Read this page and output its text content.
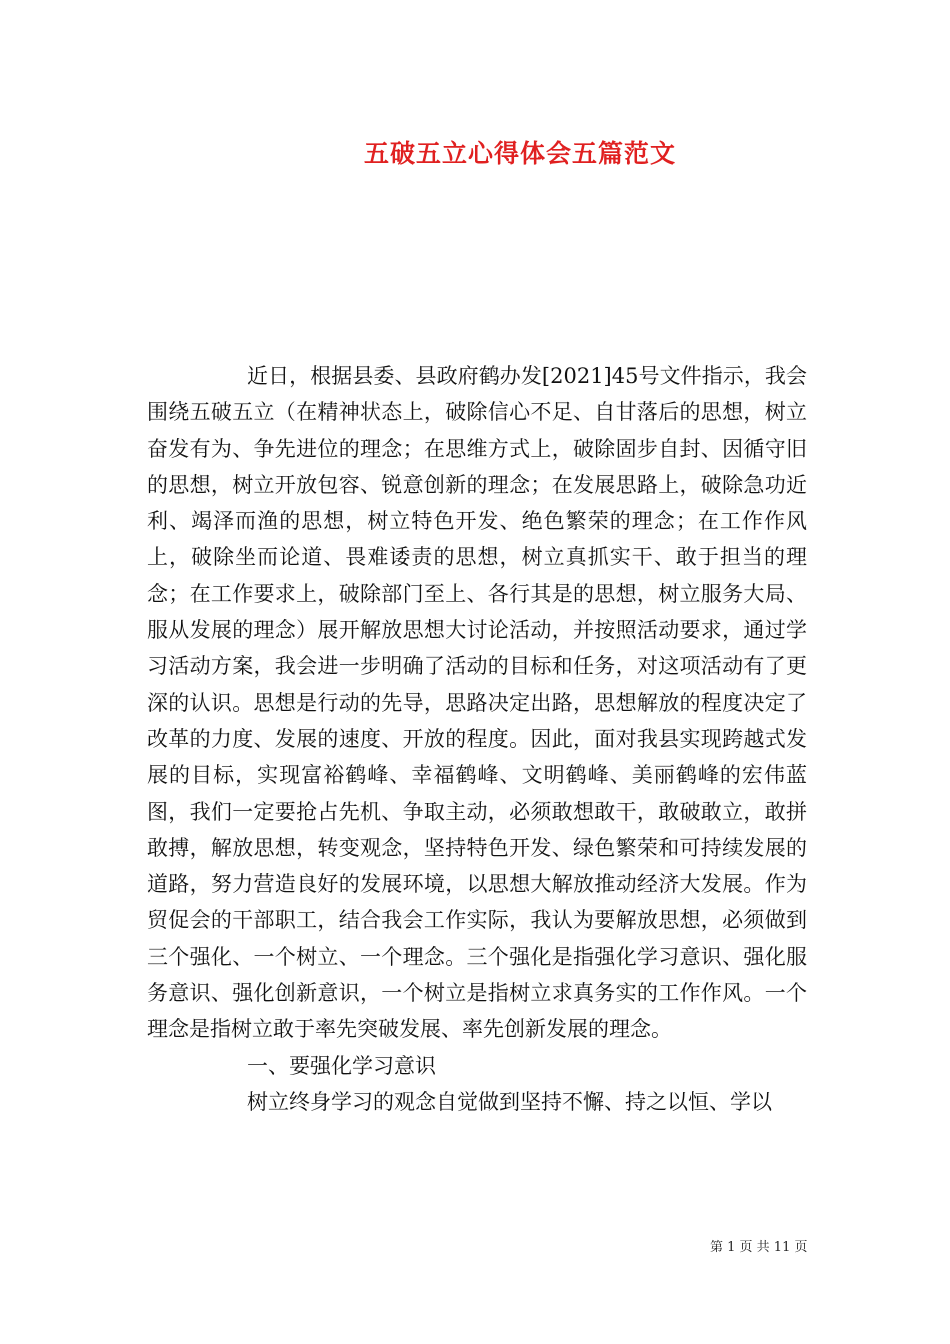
五破五立心得体会五篇范文

近日，根据县委、县政府鹤办发[2021]45号文件指示，我会围绕五破五立（在精神状态上，破除信心不足、自甘落后的思想，树立奋发有为、争先进位的理念；在思维方式上，破除固步自封、因循守旧的思想，树立开放包容、锐意创新的理念；在发展思路上，破除急功近利、竭泽而渔的思想，树立特色开发、绝色繁荣的理念；在工作作风上，破除坐而论道、畏难诿责的思想，树立真抓实干、敢于担当的理念；在工作要求上，破除部门至上、各行其是的思想，树立服务大局、服从发展的理念）展开解放思想大讨论活动，并按照活动要求，通过学习活动方案，我会进一步明确了活动的目标和任务，对这项活动有了更深的认识。思想是行动的先导，思路决定出路，思想解放的程度决定了改革的力度、发展的速度、开放的程度。因此，面对我县实现跨越式发展的目标，实现富裕鹤峰、幸福鹤峰、文明鹤峰、美丽鹤峰的宏伟蓝图，我们一定要抢占先机、争取主动，必须敢想敢干，敢破敢立，敢拼敢搏，解放思想，转变观念，坚持特色开发、绿色繁荣和可持续发展的道路，努力营造良好的发展环境，以思想大解放推动经济大发展。作为贸促会的干部职工，结合我会工作实际，我认为要解放思想，必须做到三个强化、一个树立、一个理念。三个强化是指强化学习意识、强化服务意识、强化创新意识，一个树立是指树立求真务实的工作作风。一个理念是指树立敢于率先突破发展、率先创新发展的理念。

一、要强化学习意识

树立终身学习的观念自觉做到坚持不懈、持之以恒、学以

第 1 页 共 11 页
